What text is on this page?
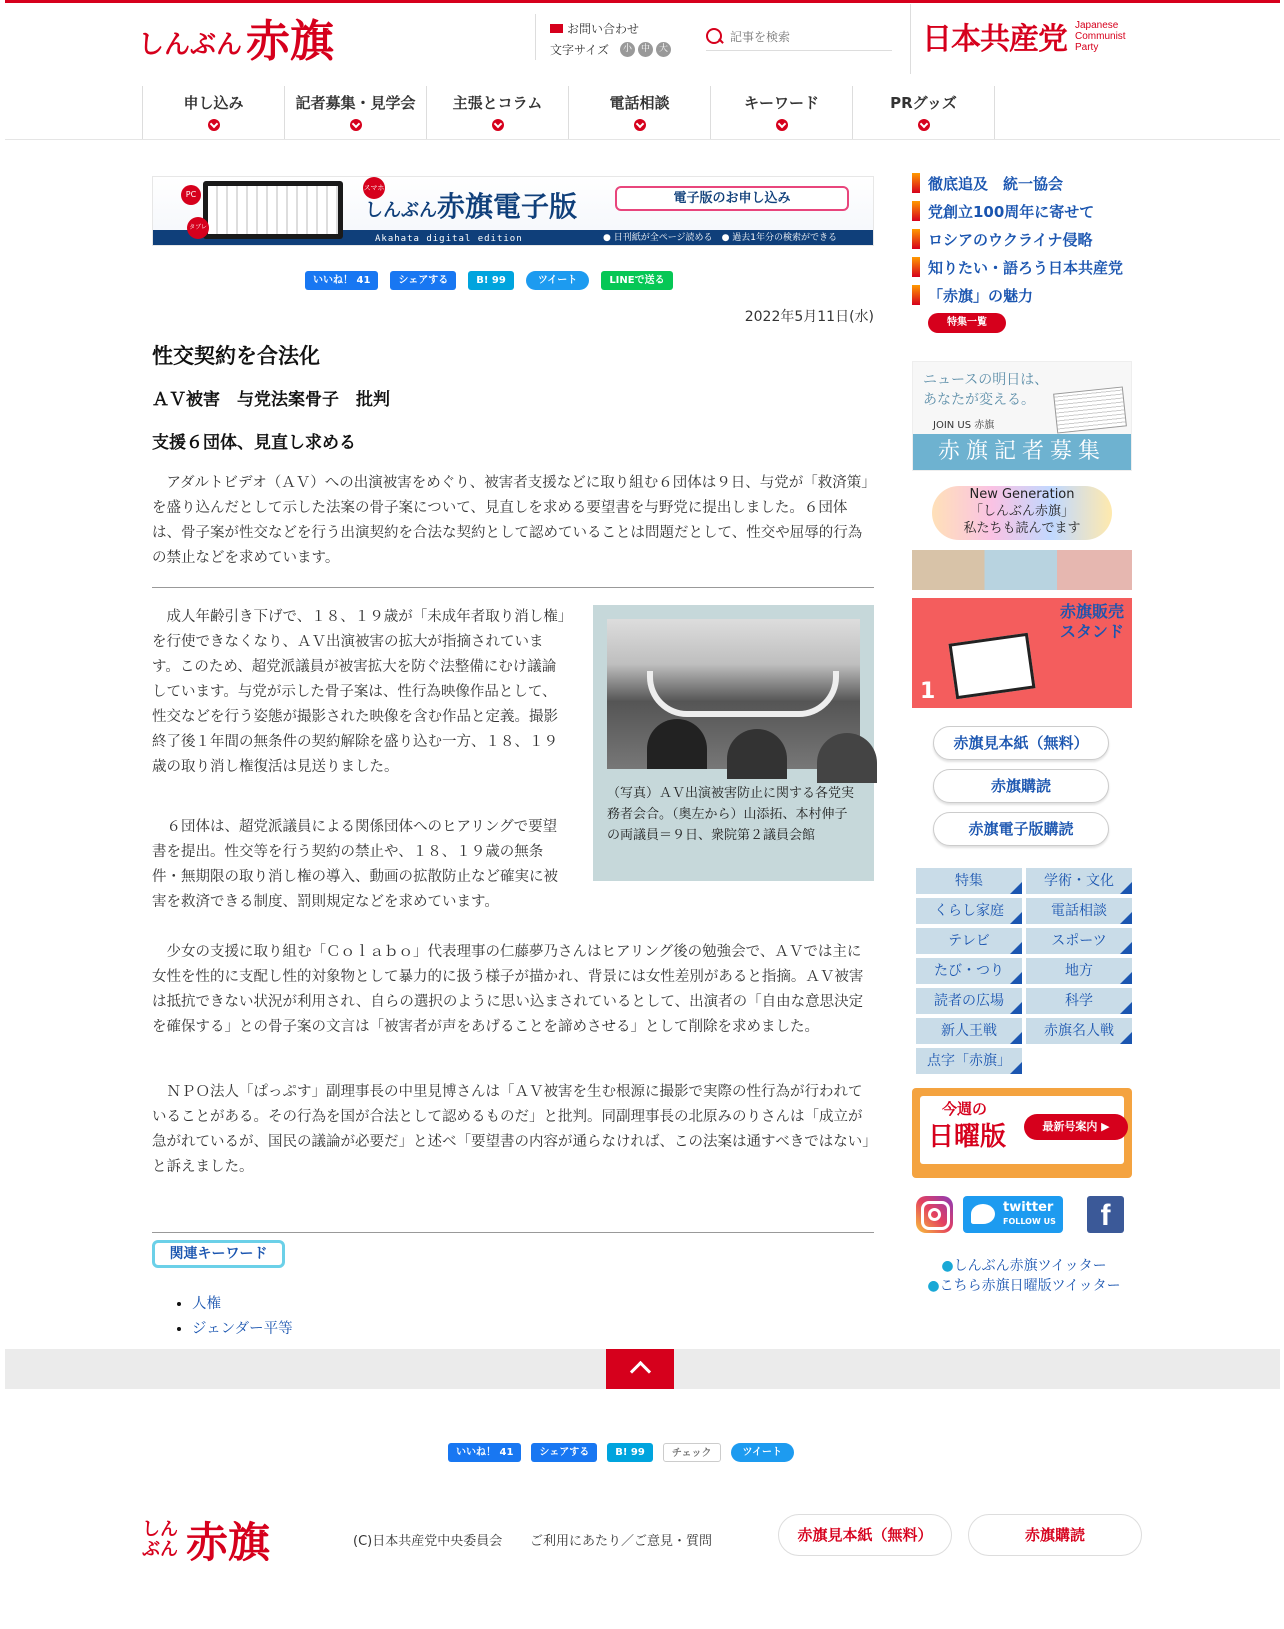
しんぶん 赤旗	お問い合わせ
文字サイズ	小 中 大
記事を検索	日本共産党 Japanese
Communist
Party
申し込み	記者募集・見学会	主張とコラム	電話相談	キーワード	PRグッズ
PC
タブレット
スマホ
しんぶん赤旗電子版
Akahata digital edition
電子版のお申し込み
● 日刊紙が全ページ読める　 ● 過去1年分の検索ができる
いいね！ 41	シェアする	B! 99	ツイート	LINEで送る
2022年5月11日(水)
性交契約を合法化
ＡＶ被害　与党法案骨子　批判
支援６団体、見直し求める

アダルトビデオ（ＡＶ）への出演被害をめぐり、被害者支援などに取り組む６団体は９日、与党が「救済策」を盛り込んだとして示した法案の骨子案について、見直しを求める要望書を与野党に提出しました。６団体は、骨子案が性交などを行う出演契約を合法な契約として認めていることは問題だとして、性交や屈辱的行為の禁止などを求めています。

（写真）ＡＶ出演被害防止に関する各党実務者会合。（奥左から）山添拓、本村伸子の両議員＝９日、衆院第２議員会館

成人年齢引き下げで、１８、１９歳が「未成年者取り消し権」を行使できなくなり、ＡＶ出演被害の拡大が指摘されています。このため、超党派議員が被害拡大を防ぐ法整備にむけ議論しています。与党が示した骨子案は、性行為映像作品として、性交などを行う姿態が撮影された映像を含む作品と定義。撮影終了後１年間の無条件の契約解除を盛り込む一方、１８、１９歳の取り消し権復活は見送りました。

６団体は、超党派議員による関係団体へのヒアリングで要望書を提出。性交等を行う契約の禁止や、１８、１９歳の無条件・無期限の取り消し権の導入、動画の拡散防止など確実に被害を救済できる制度、罰則規定などを求めています。

少女の支援に取り組む「Ｃｏｌａｂｏ」代表理事の仁藤夢乃さんはヒアリング後の勉強会で、ＡＶでは主に女性を性的に支配し性的対象物として暴力的に扱う様子が描かれ、背景には女性差別があると指摘。ＡＶ被害は抵抗できない状況が利用され、自らの選択のように思い込まされているとして、出演者の「自由な意思決定を確保する」との骨子案の文言は「被害者が声をあげることを諦めさせる」として削除を求めました。

ＮＰＯ法人「ぱっぷす」副理事長の中里見博さんは「ＡＶ被害を生む根源に撮影で実際の性行為が行われていることがある。その行為を国が合法として認めるものだ」と批判。同副理事長の北原みのりさんは「成立が急がれているが、国民の議論が必要だ」と述べ「要望書の内容が通らなければ、この法案は通すべきではない」と訴えました。

関連キーワード
• 人権
• ジェンダー平等
徹底追及　統一協会
党創立100周年に寄せて
ロシアのウクライナ侵略
知りたい・語ろう日本共産党
「赤旗」の魅力
特集一覧
ニュースの明日は、
あなたが変える。
JOIN US 赤旗
赤旗記者募集
New Generation
「しんぶん赤旗」
私たちも読んでます
赤旗販売
スタンド
1
赤旗見本紙（無料）
赤旗購読
赤旗電子版購読
特集	学術・文化
くらし家庭	電話相談
テレビ	スポーツ
たび・つり	地方
読者の広場	科学
新人王戦	赤旗名人戦
点字「赤旗」
今週の
日曜版	最新号案内 ▶
twitter
FOLLOW US	f
●しんぶん赤旗ツイッター
●こちら赤旗日曜版ツイッター
いいね！ 41	シェアする	B! 99	チェック	ツイート
しんぶん 赤旗	(C)日本共産党中央委員会 ご利用にあたり／ご意見・質問	赤旗見本紙（無料）	赤旗購読
